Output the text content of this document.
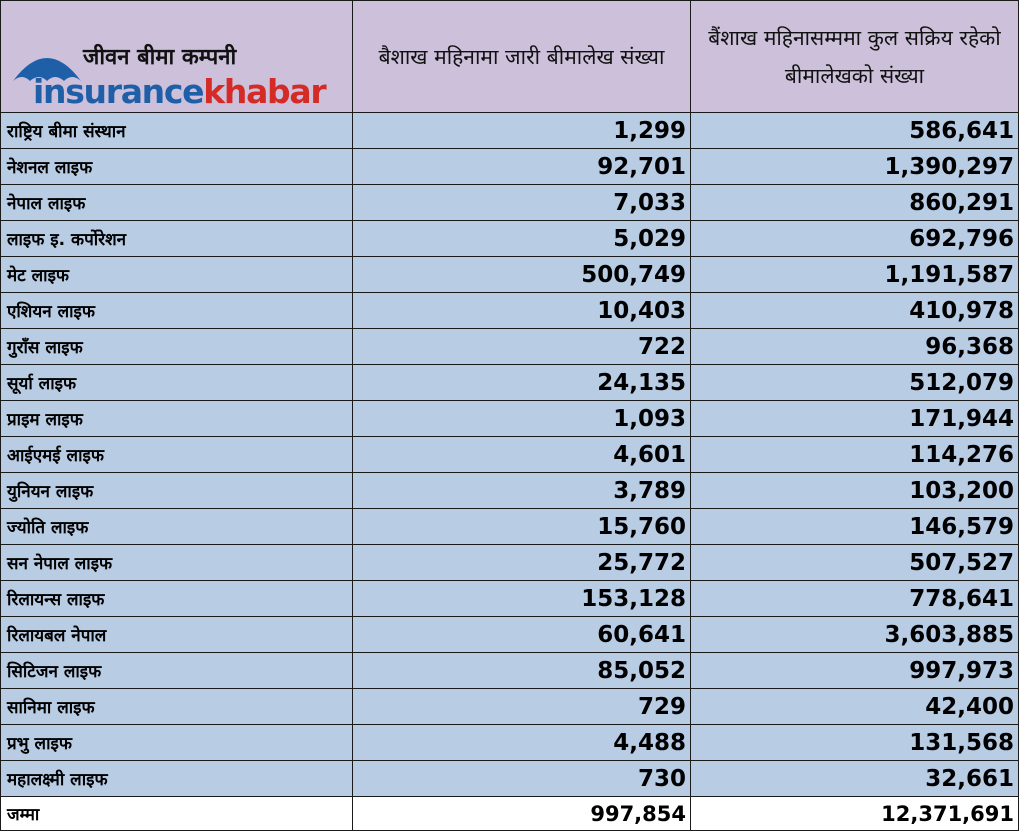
जीवन बीमा कम्पनी
insurancekhabar	बैशाख महिनामा जारी बीमालेख संख्या	बैंशाख महिनासम्ममा कुल सक्रिय रहेको बीमालेखको संख्या
राष्ट्रिय बीमा संस्थान	1,299	586,641
नेशनल लाइफ	92,701	1,390,297
नेपाल लाइफ	7,033	860,291
लाइफ इ. कर्पोरेशन	5,029	692,796
मेट लाइफ	500,749	1,191,587
एशियन लाइफ	10,403	410,978
गुराँस लाइफ	722	96,368
सूर्या लाइफ	24,135	512,079
प्राइम लाइफ	1,093	171,944
आईएमई लाइफ	4,601	114,276
युनियन लाइफ	3,789	103,200
ज्योति लाइफ	15,760	146,579
सन नेपाल लाइफ	25,772	507,527
रिलायन्स लाइफ	153,128	778,641
रिलायबल नेपाल	60,641	3,603,885
सिटिजन लाइफ	85,052	997,973
सानिमा लाइफ	729	42,400
प्रभु लाइफ	4,488	131,568
महालक्ष्मी लाइफ	730	32,661
जम्मा	997,854	12,371,691
